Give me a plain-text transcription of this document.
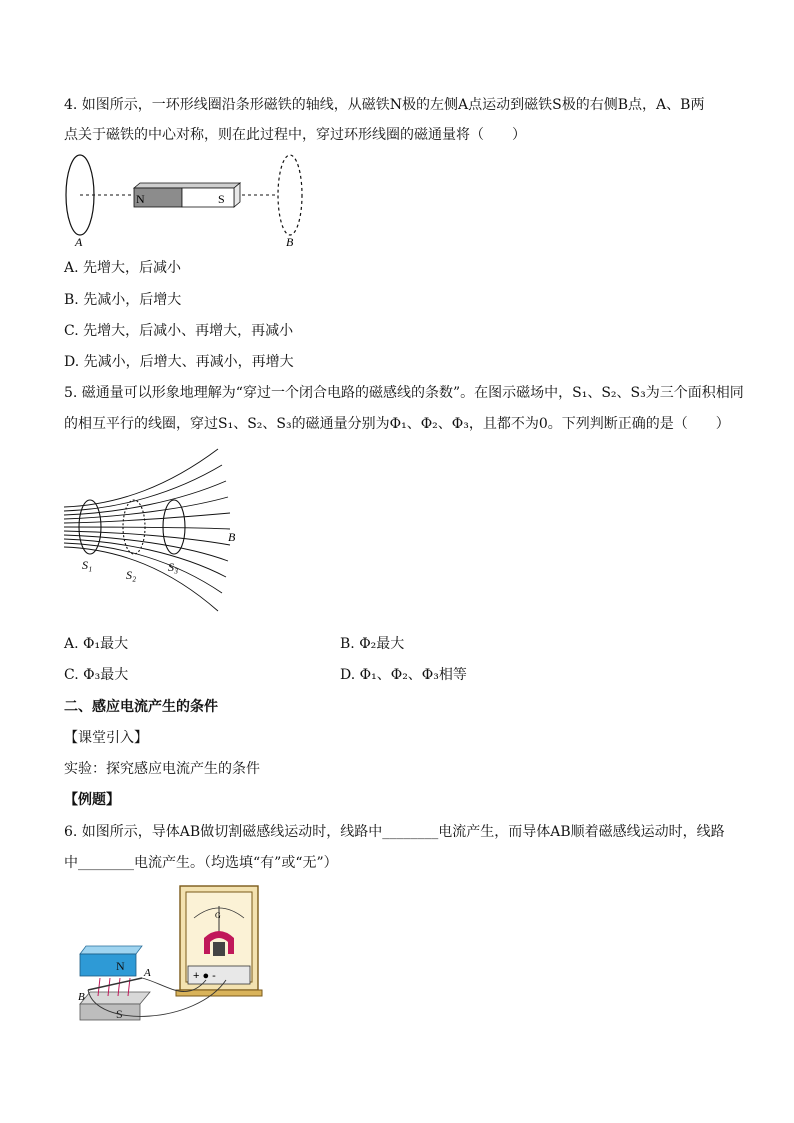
4. 如图所示，一环形线圈沿条形磁铁的轴线，从磁铁N极的左侧A点运动到磁铁S极的右侧B点，A、B两
点关于磁铁的中心对称，则在此过程中，穿过环形线圈的磁通量将（　　）
N	S
A	B
A. 先增大，后减小
B. 先减小，后增大
C. 先增大，后减小、再增大，再减小
D. 先减小，后增大、再减小，再增大
5. 磁通量可以形象地理解为“穿过一个闭合电路的磁感线的条数”。在图示磁场中，S₁、S₂、S₃为三个面积相同
的相互平行的线圈，穿过S₁、S₂、S₃的磁通量分别为Φ₁、Φ₂、Φ₃，且都不为0。下列判断正确的是（　　）
B
S₁
S₂
S₃
A. Φ₁最大	B. Φ₂最大
C. Φ₃最大	D. Φ₁、Φ₂、Φ₃相等
二、感应电流产生的条件
【课堂引入】
实验：探究感应电流产生的条件
【例题】
6. 如图所示，导体AB做切割磁感线运动时，线路中________电流产生，而导体AB顺着磁感线运动时，线路
中________电流产生。（均选填“有”或“无”）
G
+ ● -
N
S
A
B
